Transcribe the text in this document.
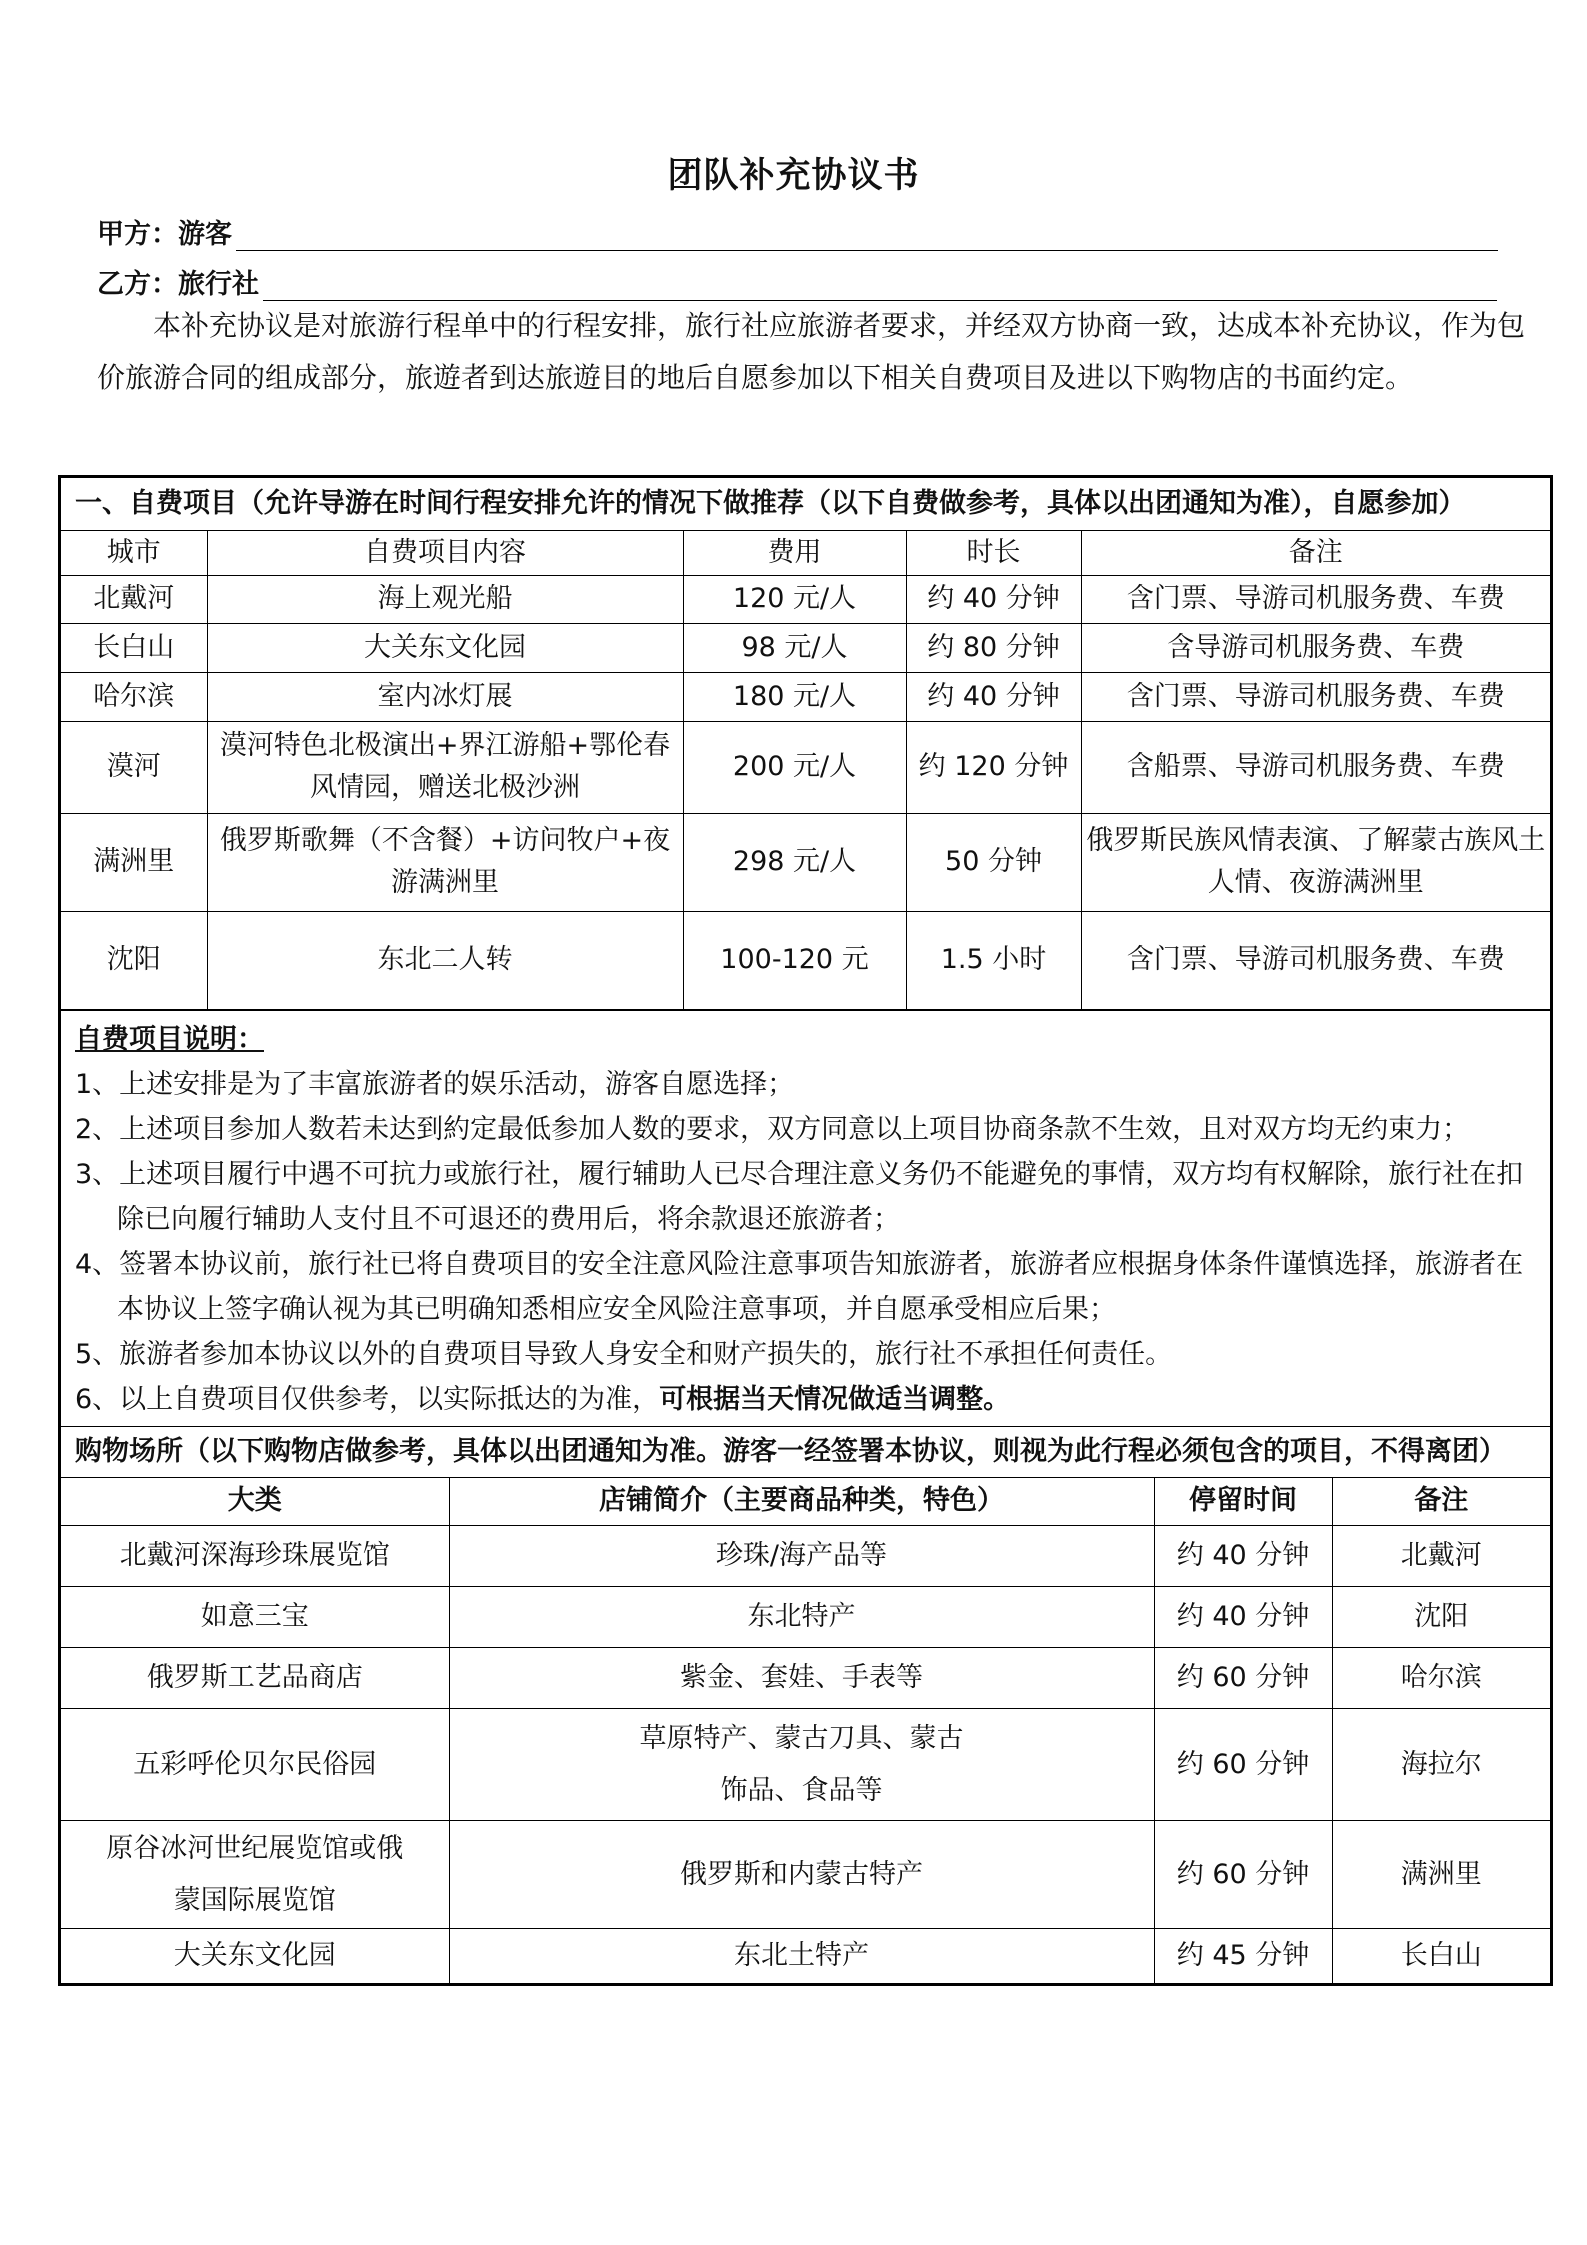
团队补充协议书
甲方：游客
乙方：旅行社
本补充协议是对旅游行程单中的行程安排，旅行社应旅游者要求，并经双方协商一致，达成本补充协议，作为包价旅游合同的组成部分，旅遊者到达旅遊目的地后自愿参加以下相关自费项目及进以下购物店的书面约定。
一、自费项目（允许导游在时间行程安排允许的情况下做推荐（以下自费做参考，具体以出团通知为准），自愿参加）
城市	自费项目内容	费用	时长	备注
北戴河	海上观光船	120 元/人	约 40 分钟	含门票、导游司机服务费、车费
长白山	大关东文化园	98 元/人	约 80 分钟	含导游司机服务费、车费
哈尔滨	室内冰灯展	180 元/人	约 40 分钟	含门票、导游司机服务费、车费
漠河	漠河特色北极演出+界江游船+鄂伦春风情园，赠送北极沙洲	200 元/人	约 120 分钟	含船票、导游司机服务费、车费
满洲里	俄罗斯歌舞（不含餐）+访问牧户+夜游满洲里	298 元/人	50 分钟	俄罗斯民族风情表演、了解蒙古族风土人情、夜游满洲里
沈阳	东北二人转	100-120 元	1.5 小时	含门票、导游司机服务费、车费
自费项目说明：
1、上述安排是为了丰富旅游者的娱乐活动，游客自愿选择；
2、上述项目参加人数若未达到約定最低参加人数的要求，双方同意以上项目协商条款不生效，且对双方均无约束力；
3、上述项目履行中遇不可抗力或旅行社，履行辅助人已尽合理注意义务仍不能避免的事情，双方均有权解除，旅行社在扣除已向履行辅助人支付且不可退还的费用后，将余款退还旅游者；
4、签署本协议前，旅行社已将自费项目的安全注意风险注意事项告知旅游者，旅游者应根据身体条件谨慎选择，旅游者在本协议上签字确认视为其已明确知悉相应安全风险注意事项，并自愿承受相应后果；
5、旅游者参加本协议以外的自费项目导致人身安全和财产损失的，旅行社不承担任何责任。
6、以上自费项目仅供参考，以实际抵达的为准，可根据当天情况做适当调整。
购物场所（以下购物店做参考，具体以出团通知为准。游客一经签署本协议，则视为此行程必须包含的项目，不得离团）
大类	店铺简介（主要商品种类，特色）	停留时间	备注
北戴河深海珍珠展览馆	珍珠/海产品等	约 40 分钟	北戴河
如意三宝	东北特产	约 40 分钟	沈阳
俄罗斯工艺品商店	紫金、套娃、手表等	约 60 分钟	哈尔滨
五彩呼伦贝尔民俗园	草原特产、蒙古刀具、蒙古饰品、食品等	约 60 分钟	海拉尔
原谷冰河世纪展览馆或俄蒙国际展览馆	俄罗斯和内蒙古特产	约 60 分钟	满洲里
大关东文化园	东北土特产	约 45 分钟	长白山
